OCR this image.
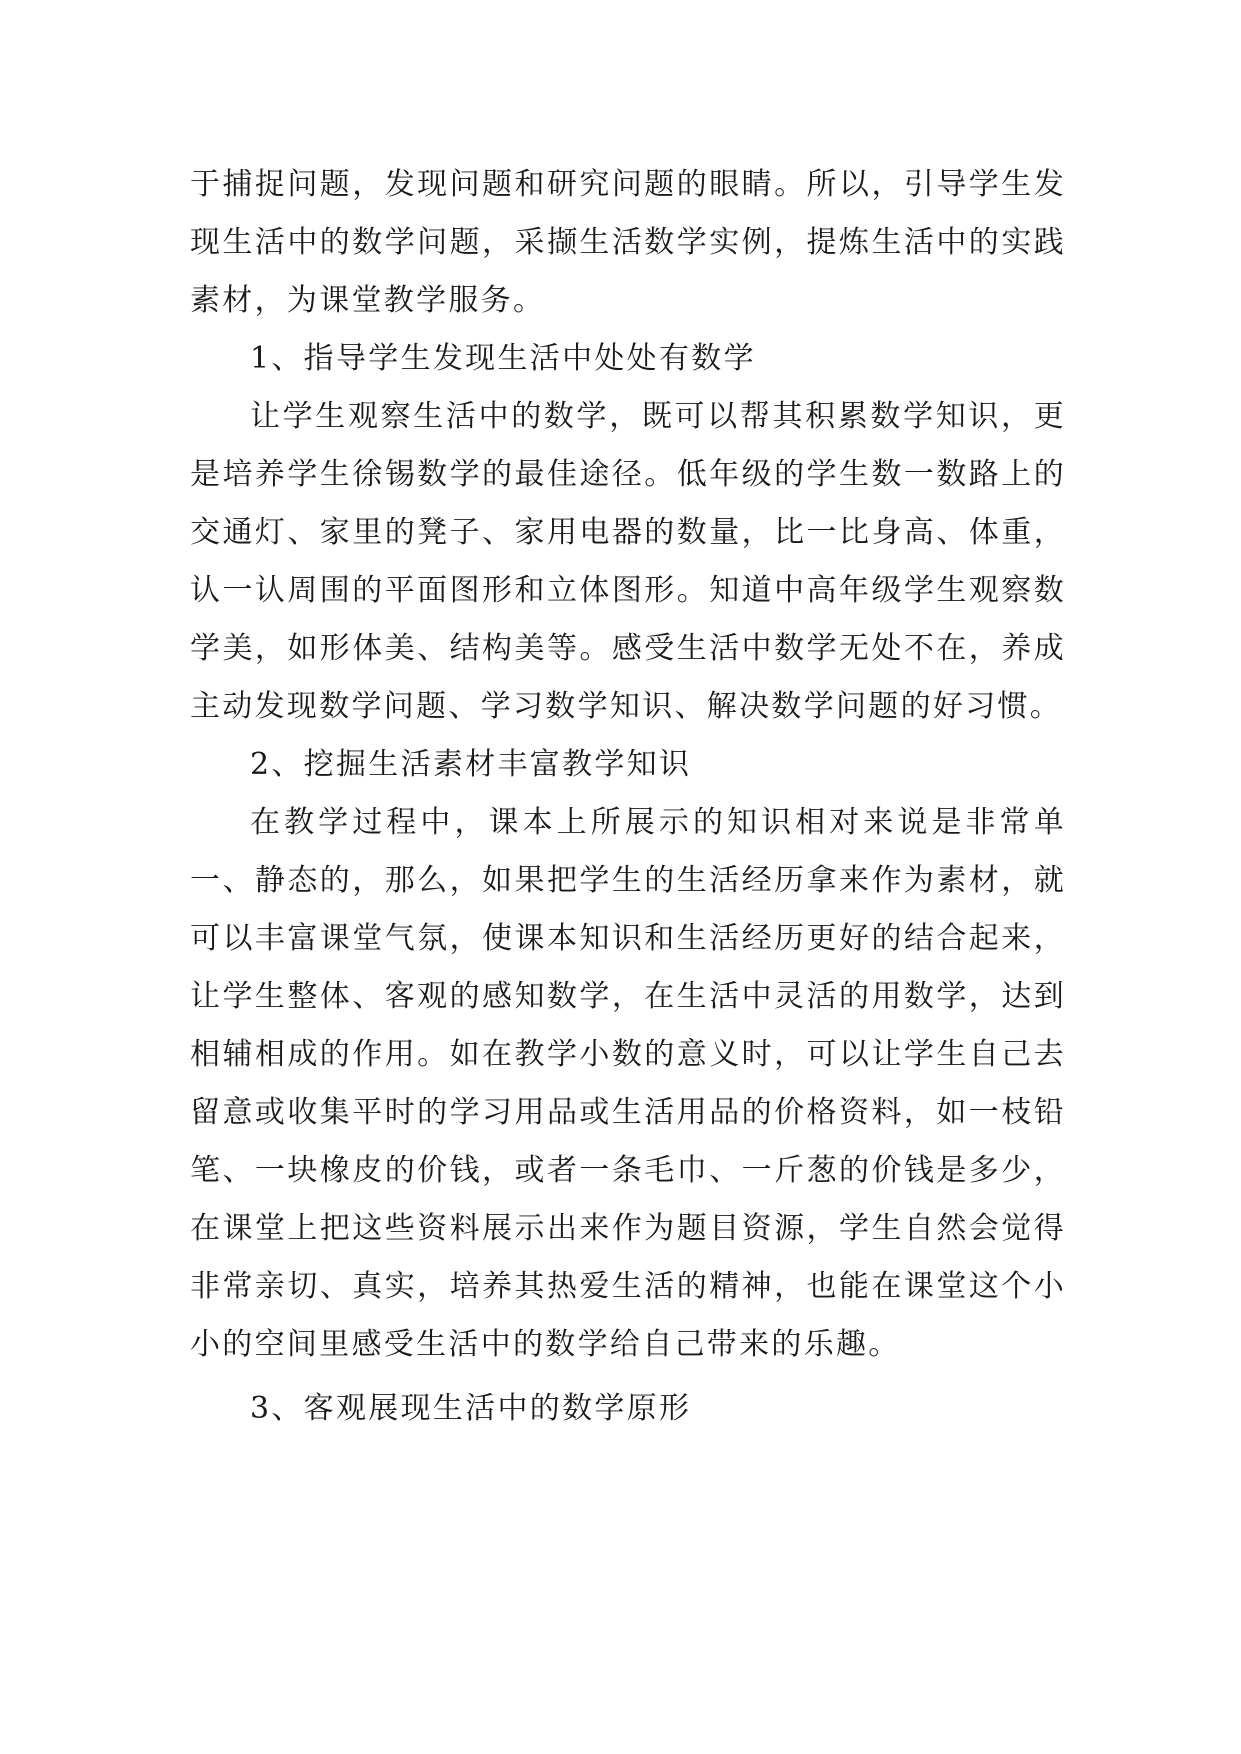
于捕捉问题，发现问题和研究问题的眼睛。所以，引导学生发现生活中的数学问题，采撷生活数学实例，提炼生活中的实践素材，为课堂教学服务。

1、指导学生发现生活中处处有数学

让学生观察生活中的数学，既可以帮其积累数学知识，更是培养学生徐锡数学的最佳途径。低年级的学生数一数路上的交通灯、家里的凳子、家用电器的数量，比一比身高、体重，认一认周围的平面图形和立体图形。知道中高年级学生观察数学美，如形体美、结构美等。感受生活中数学无处不在，养成主动发现数学问题、学习数学知识、解决数学问题的好习惯。

2、挖掘生活素材丰富教学知识

在教学过程中，课本上所展示的知识相对来说是非常单一、静态的，那么，如果把学生的生活经历拿来作为素材，就可以丰富课堂气氛，使课本知识和生活经历更好的结合起来，让学生整体、客观的感知数学，在生活中灵活的用数学，达到相辅相成的作用。如在教学小数的意义时，可以让学生自己去留意或收集平时的学习用品或生活用品的价格资料，如一枝铅笔、一块橡皮的价钱，或者一条毛巾、一斤葱的价钱是多少，在课堂上把这些资料展示出来作为题目资源，学生自然会觉得非常亲切、真实，培养其热爱生活的精神，也能在课堂这个小小的空间里感受生活中的数学给自己带来的乐趣。

3、客观展现生活中的数学原形
